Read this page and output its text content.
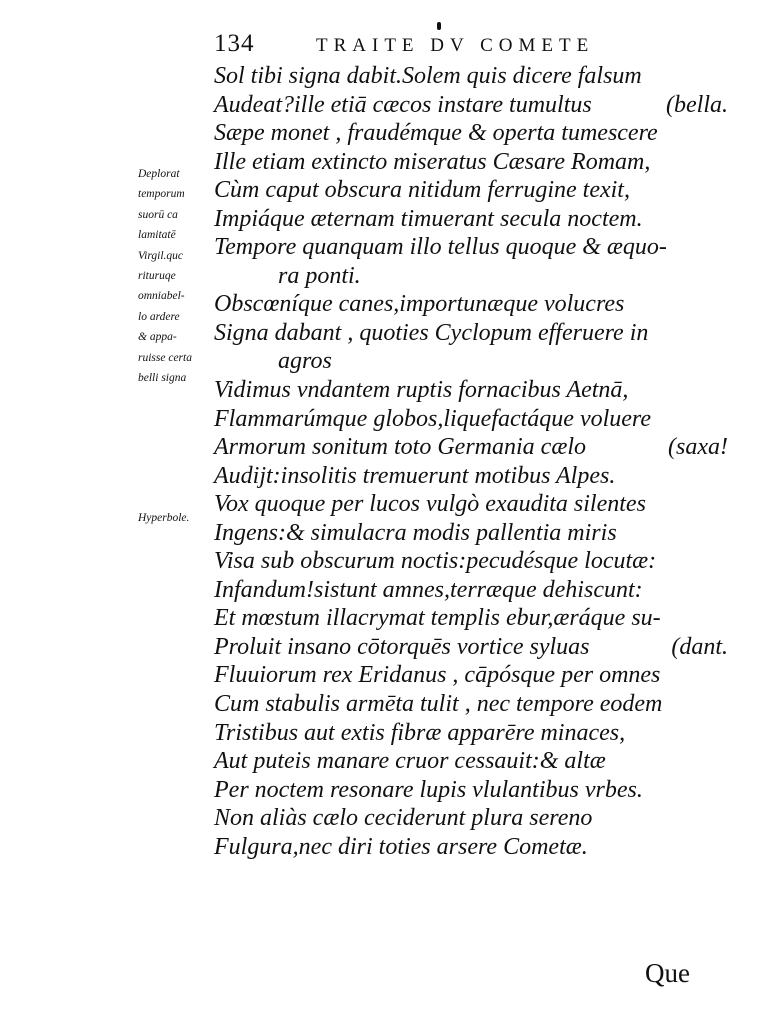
134	TRAITE DV COMETE
Deplorat
temporum
suorū ca
lamitatē
Virgil.quc
rituruqe
omniabel-
lo ardere
& appa-
ruisse certa
belli signa
Hyperbole.
Sol tibi signa dabit.Solem quis dicere falsum
Audeat?ille etiā cæcos instare tumultus	(bella.
Sæpe monet , fraudémque & operta tumescere
Ille etiam extincto miseratus Cæsare Romam,
Cùm caput obscura nitidum ferrugine texit,
Impiáque æternam timuerant secula noctem.
Tempore quanquam illo tellus quoque & æquo-
ra ponti.
Obscœníque canes,importunæque volucres
Signa dabant , quoties Cyclopum efferuere in
agros
Vidimus vndantem ruptis fornacibus Aetnā,
Flammarúmque globos,liquefactáque voluere
Armorum sonitum toto Germania cælo	(saxa!
Audijt:insolitis tremuerunt motibus Alpes.
Vox quoque per lucos vulgò exaudita silentes
Ingens:& simulacra modis pallentia miris
Visa sub obscurum noctis:pecudésque locutæ:
Infandum!sistunt amnes,terræque dehiscunt:
Et mœstum illacrymat templis ebur,æráque su-
Proluit insano cōtorquēs vortice syluas	(dant.
Fluuiorum rex Eridanus , cāpósque per omnes
Cum stabulis armēta tulit , nec tempore eodem
Tristibus aut extis fibræ apparēre minaces,
Aut puteis manare cruor cessauit:& altæ
Per noctem resonare lupis vlulantibus vrbes.
Non aliàs cælo ceciderunt plura sereno
Fulgura,nec diri toties arsere Cometæ.
Que
